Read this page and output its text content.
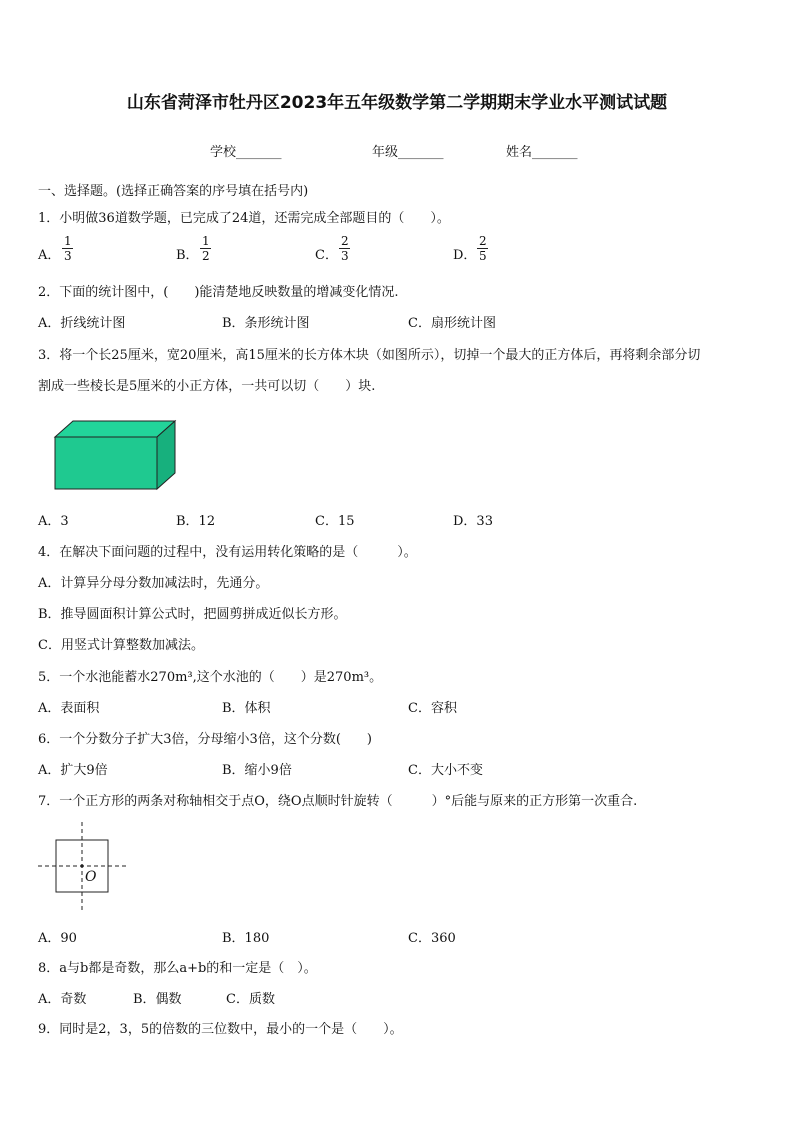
山东省菏泽市牡丹区2023年五年级数学第二学期期末学业水平测试试题
学校_______	年级_______	姓名_______
一、选择题。(选择正确答案的序号填在括号内)
1．小明做36道数学题，已完成了24道，还需完成全部题目的（　　）。
A．
1
3	B．
1
2	C．
2
3	D．
2
5
2．下面的统计图中，(　　)能清楚地反映数量的增减变化情况.
A．折线统计图	B．条形统计图	C．扇形统计图
3．将一个长25厘米，宽20厘米，高15厘米的长方体木块（如图所示），切掉一个最大的正方体后，再将剩余部分切
割成一些棱长是5厘米的小正方体，一共可以切（　　）块.
A．3	B．12	C．15	D．33
4．在解决下面问题的过程中，没有运用转化策略的是（　　　）。
A．计算异分母分数加减法时，先通分。
B．推导圆面积计算公式时，把圆剪拼成近似长方形。
C．用竖式计算整数加减法。
5．一个水池能蓄水270m³,这个水池的（　　）是270m³。
A．表面积	B．体积	C．容积
6．一个分数分子扩大3倍，分母缩小3倍，这个分数(　　)
A．扩大9倍	B．缩小9倍	C．大小不变
7．一个正方形的两条对称轴相交于点O，绕O点顺时针旋转（　　　）°后能与原来的正方形第一次重合.
O
A．90	B．180	C．360
8．a与b都是奇数，那么a+b的和一定是（　）。
A．奇数	B．偶数	C．质数
9．同时是2，3，5的倍数的三位数中，最小的一个是（　　）。
